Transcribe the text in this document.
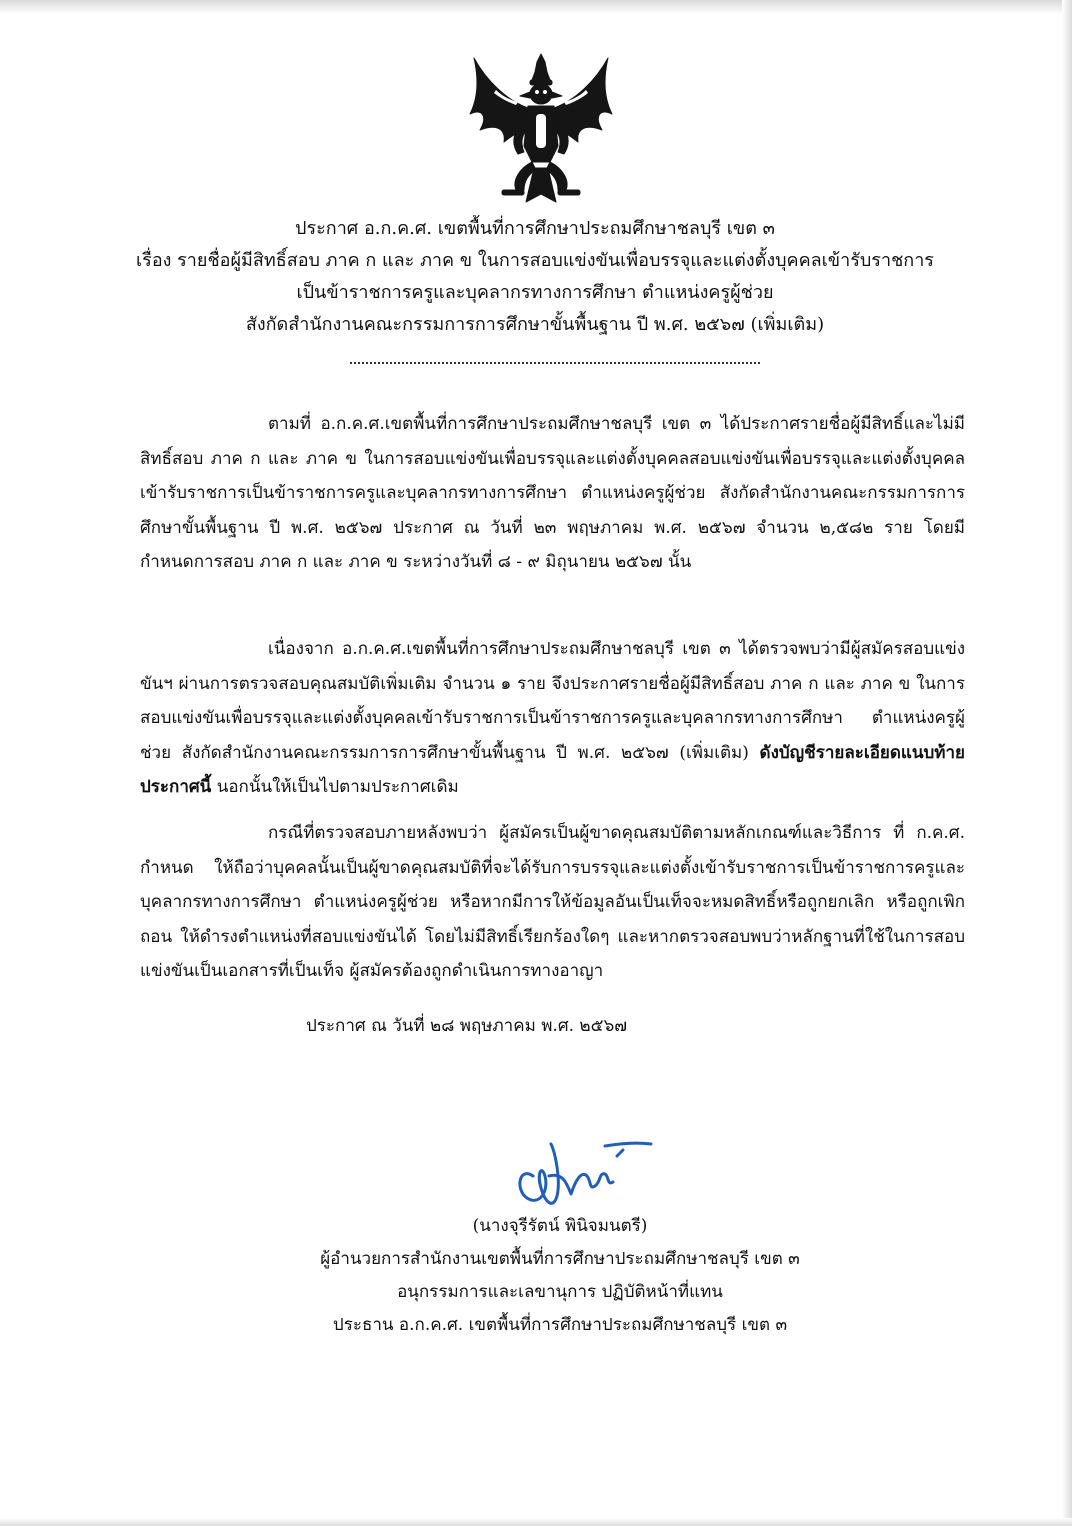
ประกาศ อ.ก.ค.ศ. เขตพื้นที่การศึกษาประถมศึกษาชลบุรี เขต ๓
เรื่อง รายชื่อผู้มีสิทธิ์สอบ ภาค ก และ ภาค ข ในการสอบแข่งขันเพื่อบรรจุและแต่งตั้งบุคคลเข้ารับราชการ
เป็นข้าราชการครูและบุคลากรทางการศึกษา ตำแหน่งครูผู้ช่วย
สังกัดสำนักงานคณะกรรมการการศึกษาขั้นพื้นฐาน ปี พ.ศ. ๒๕๖๗ (เพิ่มเติม)

ตามที่ อ.ก.ค.ศ.เขตพื้นที่การศึกษาประถมศึกษาชลบุรี เขต ๓ ได้ประกาศรายชื่อผู้มีสิทธิ์และไม่มีสิทธิ์สอบ ภาค ก และ ภาค ข ในการสอบแข่งขันเพื่อบรรจุและแต่งตั้งบุคคลสอบแข่งขันเพื่อบรรจุและแต่งตั้งบุคคลเข้ารับราชการเป็นข้าราชการครูและบุคลากรทางการศึกษา ตำแหน่งครูผู้ช่วย สังกัดสำนักงานคณะกรรมการการศึกษาขั้นพื้นฐาน ปี พ.ศ. ๒๕๖๗ ประกาศ ณ วันที่ ๒๓ พฤษภาคม พ.ศ. ๒๕๖๗ จำนวน ๒,๕๘๒ ราย โดยมีกำหนดการสอบ ภาค ก และ ภาค ข ระหว่างวันที่ ๘ - ๙ มิถุนายน ๒๕๖๗ นั้น

เนื่องจาก อ.ก.ค.ศ.เขตพื้นที่การศึกษาประถมศึกษาชลบุรี เขต ๓ ได้ตรวจพบว่ามีผู้สมัครสอบแข่งขันฯ ผ่านการตรวจสอบคุณสมบัติเพิ่มเติม จำนวน ๑ ราย จึงประกาศรายชื่อผู้มีสิทธิ์สอบ ภาค ก และ ภาค ข ในการสอบแข่งขันเพื่อบรรจุและแต่งตั้งบุคคลเข้ารับราชการเป็นข้าราชการครูและบุคลากรทางการศึกษา ตำแหน่งครูผู้ช่วย สังกัดสำนักงานคณะกรรมการการศึกษาขั้นพื้นฐาน ปี พ.ศ. ๒๕๖๗ (เพิ่มเติม) ดังบัญชีรายละเอียดแนบท้ายประกาศนี้ นอกนั้นให้เป็นไปตามประกาศเดิม

กรณีที่ตรวจสอบภายหลังพบว่า ผู้สมัครเป็นผู้ขาดคุณสมบัติตามหลักเกณฑ์และวิธีการ ที่ ก.ค.ศ. กำหนด ให้ถือว่าบุคคลนั้นเป็นผู้ขาดคุณสมบัติที่จะได้รับการบรรจุและแต่งตั้งเข้ารับราชการเป็นข้าราชการครูและบุคลากรทางการศึกษา ตำแหน่งครูผู้ช่วย หรือหากมีการให้ข้อมูลอันเป็นเท็จจะหมดสิทธิ์หรือถูกยกเลิก หรือถูกเพิกถอน ให้ดำรงตำแหน่งที่สอบแข่งขันได้ โดยไม่มีสิทธิ์เรียกร้องใดๆ และหากตรวจสอบพบว่าหลักฐานที่ใช้ในการสอบแข่งขันเป็นเอกสารที่เป็นเท็จ ผู้สมัครต้องถูกดำเนินการทางอาญา

ประกาศ ณ วันที่ ๒๘ พฤษภาคม พ.ศ. ๒๕๖๗
(นางจุรีรัตน์ พินิจมนตรี)
ผู้อำนวยการสำนักงานเขตพื้นที่การศึกษาประถมศึกษาชลบุรี เขต ๓
อนุกรรมการและเลขานุการ ปฏิบัติหน้าที่แทน
ประธาน อ.ก.ค.ศ. เขตพื้นที่การศึกษาประถมศึกษาชลบุรี เขต ๓
